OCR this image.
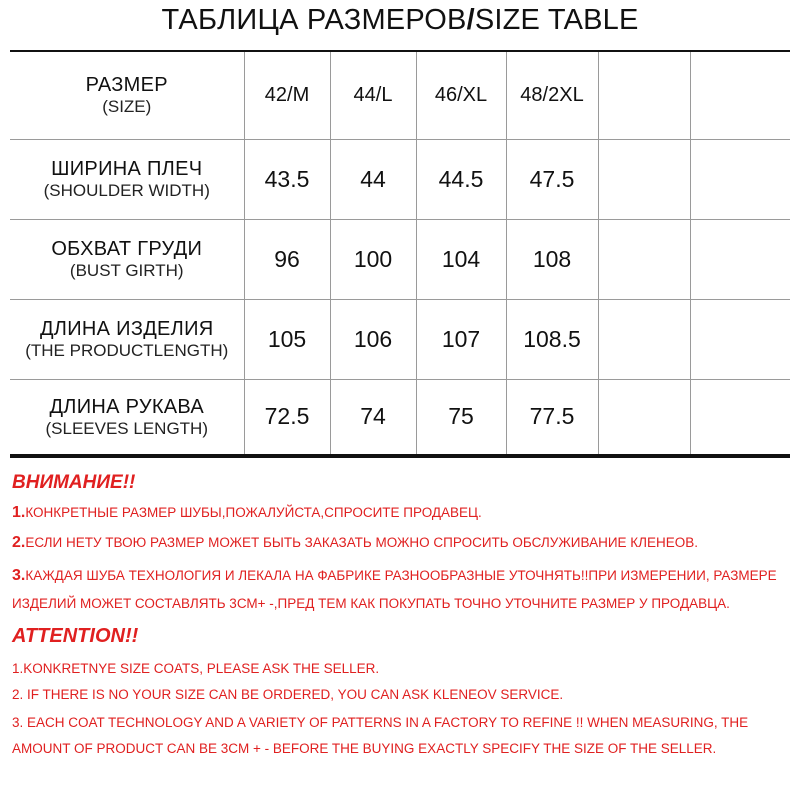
ТАБЛИЦА РАЗМЕРОВ/SIZE TABLE
РАЗМЕР
(SIZE)	42/M	44/L	46/XL	48/2XL		

ШИРИНА ПЛЕЧ
(SHOULDER WIDTH)	43.5	44	44.5	47.5		

ОБХВАТ ГРУДИ
(BUST GIRTH)	96	100	104	108		

ДЛИНА ИЗДЕЛИЯ
(THE PRODUCTLENGTH)	105	106	107	108.5		

ДЛИНА РУКАВА
(SLEEVES LENGTH)	72.5	74	75	77.5		

ВНИМАНИЕ!!

1.КОНКРЕТНЫЕ РАЗМЕР ШУБЫ,ПОЖАЛУЙСТА,СПРОСИТЕ ПРОДАВЕЦ.

2.ЕСЛИ НЕТУ ТВОЮ РАЗМЕР МОЖЕТ БЫТЬ ЗАКАЗАТЬ МОЖНО СПРОСИТЬ ОБСЛУЖИВАНИЕ КЛЕНЕОВ.

3.КАЖДАЯ ШУБА ТЕХНОЛОГИЯ И ЛЕКАЛА НА ФАБРИКЕ РАЗНООБРАЗНЫЕ УТОЧНЯТЬ!!ПРИ ИЗМЕРЕНИИ, РАЗМЕРЕ ИЗДЕЛИЙ МОЖЕТ СОСТАВЛЯТЬ 3СМ+ -,ПРЕД ТЕМ КАК ПОКУПАТЬ ТОЧНО УТОЧНИТЕ РАЗМЕР У ПРОДАВЦА.

ATTENTION!!

1.KONKRETNYE SIZE COATS, PLEASE ASK THE SELLER.

2. IF THERE IS NO YOUR SIZE CAN BE ORDERED, YOU CAN ASK KLENEOV SERVICE.

3. EACH COAT TECHNOLOGY AND A VARIETY OF PATTERNS IN A FACTORY TO REFINE !! WHEN MEASURING, THE AMOUNT OF PRODUCT CAN BE 3CM + - BEFORE THE BUYING EXACTLY SPECIFY THE SIZE OF THE SELLER.
